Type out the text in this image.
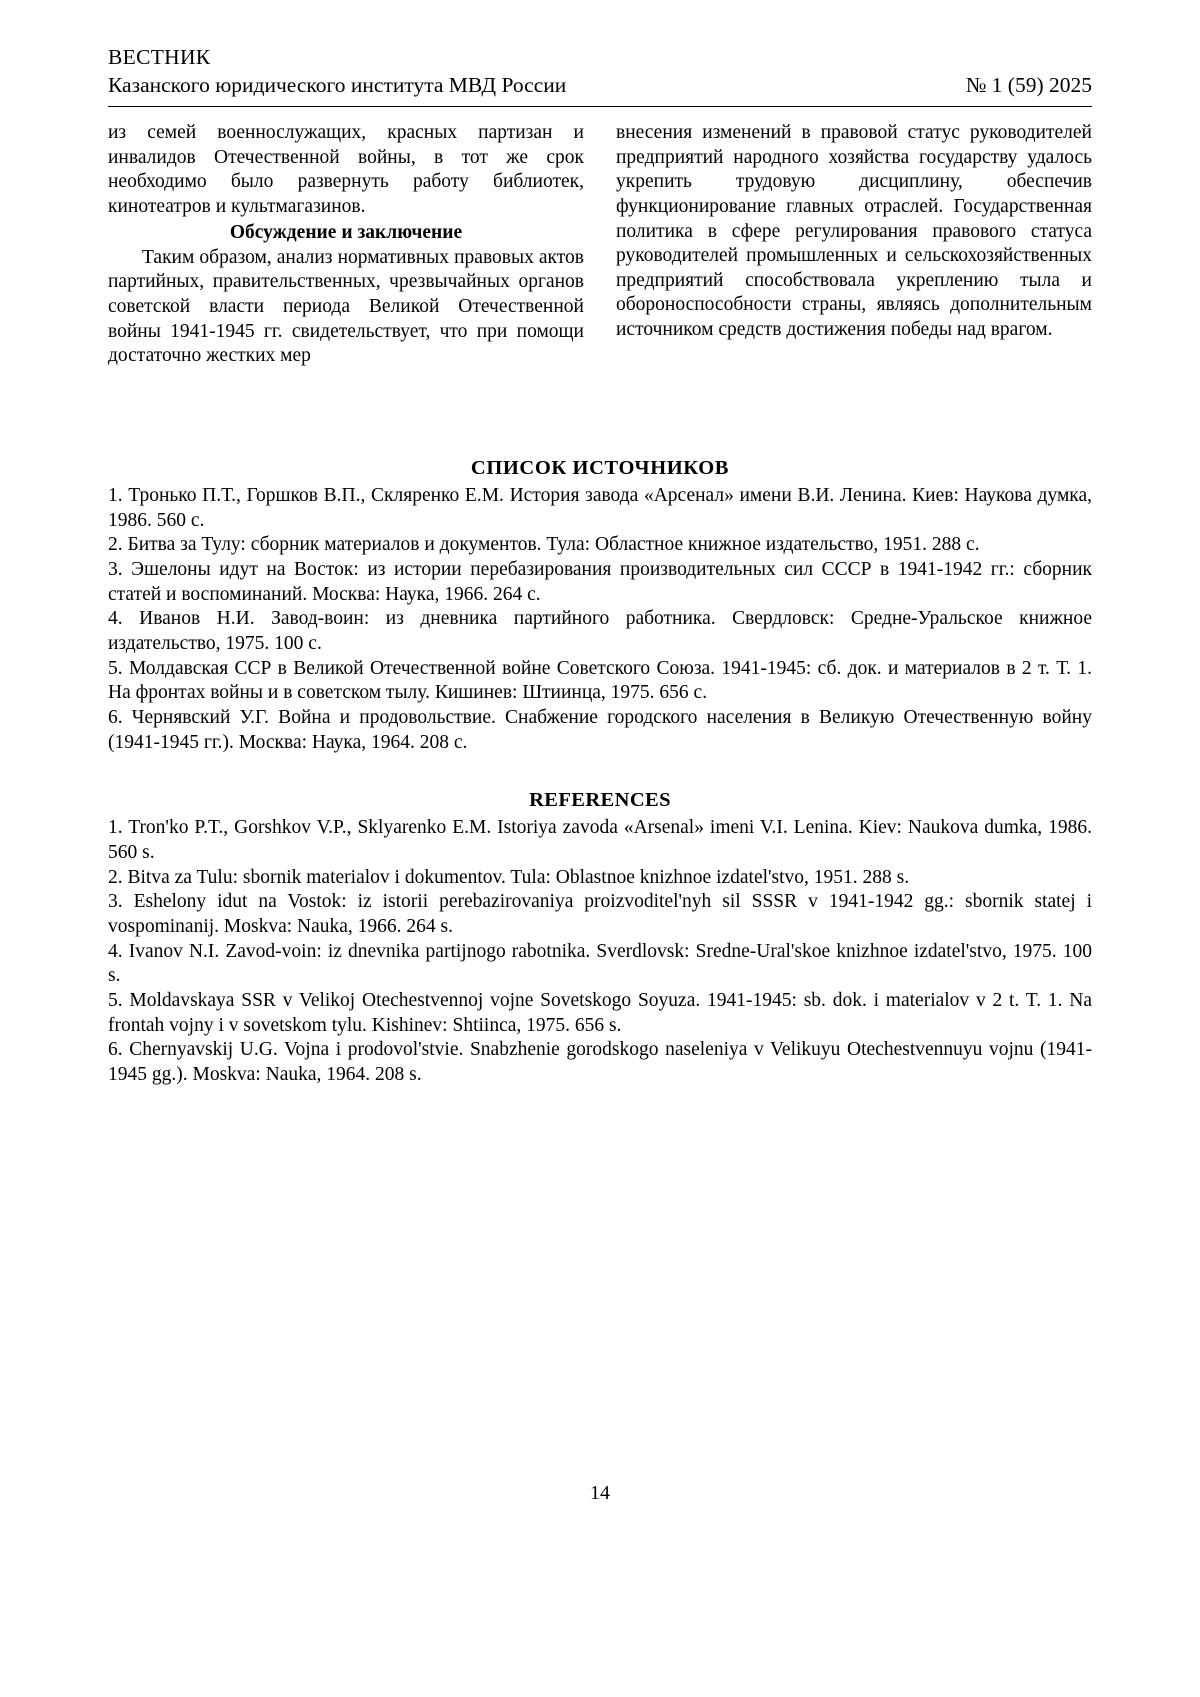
ВЕСТНИК
Казанского юридического института МВД России	№ 1 (59) 2025

из семей военнослужащих, красных партизан и инвалидов Отечественной войны, в тот же срок необходимо было развернуть работу библиотек, кинотеатров и культмагазинов.

Обсуждение и заключение

Таким образом, анализ нормативных правовых актов партийных, правительственных, чрезвычайных органов советской власти периода Великой Отечественной войны 1941-1945 гг. свидетельствует, что при помощи достаточно жестких мер

внесения изменений в правовой статус руководителей предприятий народного хозяйства государству удалось укрепить трудовую дисциплину, обеспечив функционирование главных отраслей. Государственная политика в сфере регулирования правового статуса руководителей промышленных и сельскохозяйственных предприятий способствовала укреплению тыла и обороноспособности страны, являясь дополнительным источником средств достижения победы над врагом.

СПИСОК ИСТОЧНИКОВ

1. Тронько П.Т., Горшков В.П., Скляренко Е.М. История завода «Арсенал» имени В.И. Ленина. Киев: Наукова думка, 1986. 560 с.

2. Битва за Тулу: сборник материалов и документов. Тула: Областное книжное издательство, 1951. 288 с.

3. Эшелоны идут на Восток: из истории перебазирования производительных сил СССР в 1941-1942 гг.: сборник статей и воспоминаний. Москва: Наука, 1966. 264 с.

4. Иванов Н.И. Завод-воин: из дневника партийного работника. Свердловск: Средне-Уральское книжное издательство, 1975. 100 с.

5. Молдавская ССР в Великой Отечественной войне Советского Союза. 1941-1945: сб. док. и материалов в 2 т. Т. 1. На фронтах войны и в советском тылу. Кишинев: Штиинца, 1975. 656 с.

6. Чернявский У.Г. Война и продовольствие. Снабжение городского населения в Великую Отечественную войну (1941-1945 гг.). Москва: Наука, 1964. 208 с.

REFERENCES

1. Tron'ko P.T., Gorshkov V.P., Sklyarenko E.M. Istoriya zavoda «Arsenal» imeni V.I. Lenina. Kiev: Naukova dumka, 1986. 560 s.

2. Bitva za Tulu: sbornik materialov i dokumentov. Tula: Oblastnoe knizhnoe izdatel'stvo, 1951. 288 s.

3. Eshelony idut na Vostok: iz istorii perebazirovaniya proizvoditel'nyh sil SSSR v 1941-1942 gg.: sbornik statej i vospominanij. Moskva: Nauka, 1966. 264 s.

4. Ivanov N.I. Zavod-voin: iz dnevnika partijnogo rabotnika. Sverdlovsk: Sredne-Ural'skoe knizhnoe izdatel'stvo, 1975. 100 s.

5. Moldavskaya SSR v Velikoj Otechestvennoj vojne Sovetskogo Soyuza. 1941-1945: sb. dok. i materialov v 2 t. T. 1. Na frontah vojny i v sovetskom tylu. Kishinev: Shtiinca, 1975. 656 s.

6. Chernyavskij U.G. Vojna i prodovol'stvie. Snabzhenie gorodskogo naseleniya v Velikuyu Otechestvennuyu vojnu (1941-1945 gg.). Moskva: Nauka, 1964. 208 s.

14
